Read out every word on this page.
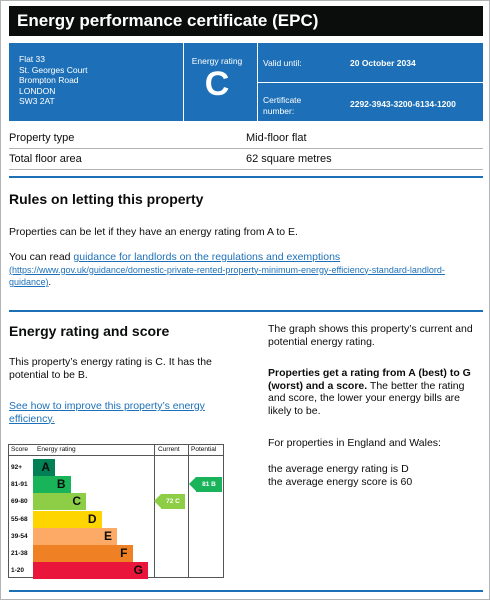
Energy performance certificate (EPC)
Flat 33
St. Georges Court
Brompton Road
LONDON
SW3 2AT
Energy rating
C
Valid until:	20 October 2034
Certificate
number:
2292-3943-3200-6134-1200
Property type	Mid-floor flat
Total floor area	62 square metres
Rules on letting this property
Properties can be let if they have an energy rating from A to E.
You can read guidance for landlords on the regulations and exemptions
(https://www.gov.uk/guidance/domestic-private-rented-property-minimum-energy-efficiency-standard-landlord-guidance).
Energy rating and score
This property’s energy rating is C. It has the potential to be B.
See how to improve this property’s energy efficiency.
The graph shows this property’s current and potential energy rating.
Properties get a rating from A (best) to G (worst) and a score. The better the rating and score, the lower your energy bills are likely to be.
For properties in England and Wales:
the average energy rating is D
the average energy score is 60
Score Energy rating	Current Potential
92+	A
81-91	B
69-80	C
55-68	D
39-54	E
21-38	F
1-20	G
72 C
81 B
